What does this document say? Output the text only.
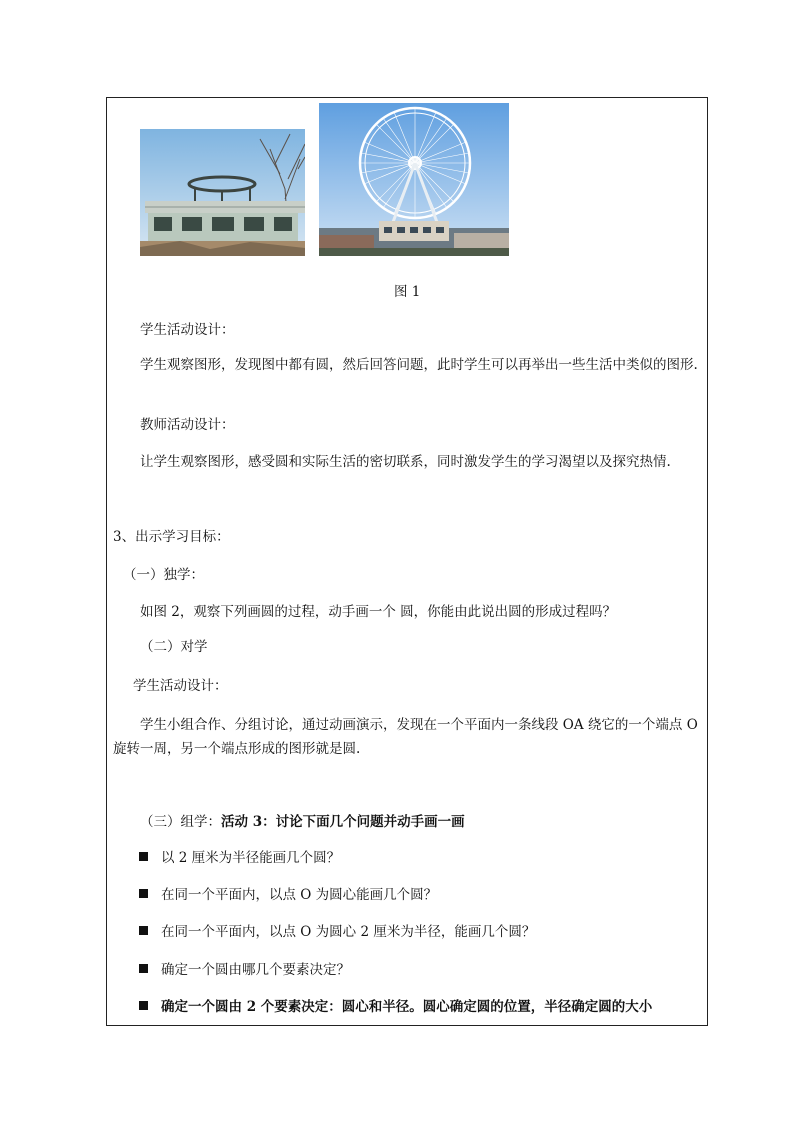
图 1
学生活动设计：
学生观察图形，发现图中都有圆，然后回答问题，此时学生可以再举出一些生活中类似的图形.
教师活动设计：
让学生观察图形，感受圆和实际生活的密切联系，同时激发学生的学习渴望以及探究热情.
3、出示学习目标：
（一）独学：
如图 2，观察下列画圆的过程，动手画一个 圆，你能由此说出圆的形成过程吗？
（二）对学
学生活动设计：
学生小组合作、分组讨论，通过动画演示，发现在一个平面内一条线段 OA 绕它的一个端点 O 旋转一周，另一个端点形成的图形就是圆.
（三）组学：活动 3：讨论下面几个问题并动手画一画
以 2 厘米为半径能画几个圆？
在同一个平面内，以点 O 为圆心能画几个圆？
在同一个平面内，以点 O 为圆心 2 厘米为半径，能画几个圆？
确定一个圆由哪几个要素决定？
确定一个圆由 2 个要素决定：圆心和半径。圆心确定圆的位置，半径确定圆的大小
